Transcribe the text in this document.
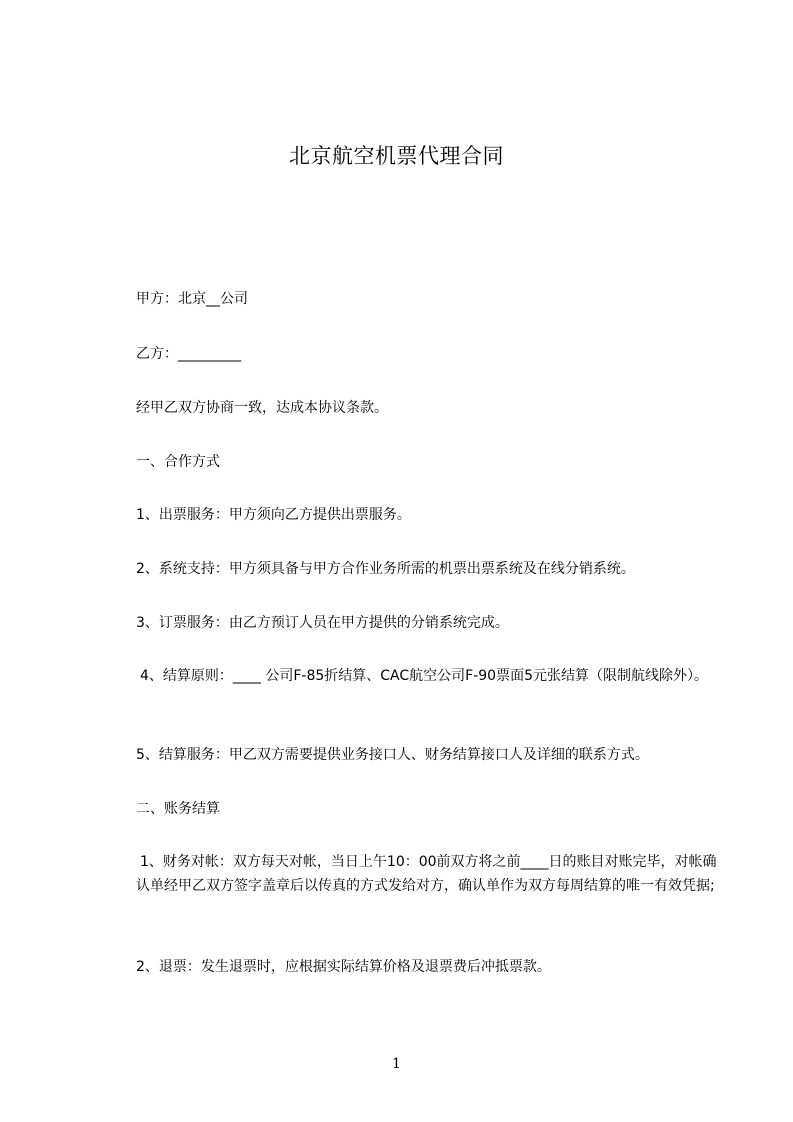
北京航空机票代理合同

甲方：北京__公司

乙方：_________

经甲乙双方协商一致，达成本协议条款。

一、合作方式

1、出票服务：甲方须向乙方提供出票服务。

2、系统支持：甲方须具备与甲方合作业务所需的机票出票系统及在线分销系统。

3、订票服务：由乙方预订人员在甲方提供的分销系统完成。

4、结算原则：____ 公司F-85折结算、CAC航空公司F-90票面5元张结算（限制航线除外）。

5、结算服务：甲乙双方需要提供业务接口人、财务结算接口人及详细的联系方式。

二、账务结算

1、财务对帐：双方每天对帐，当日上午10：00前双方将之前____日的账目对账完毕，对帐确认单经甲乙双方签字盖章后以传真的方式发给对方，确认单作为双方每周结算的唯一有效凭据;

2、退票：发生退票时，应根据实际结算价格及退票费后冲抵票款。

1
